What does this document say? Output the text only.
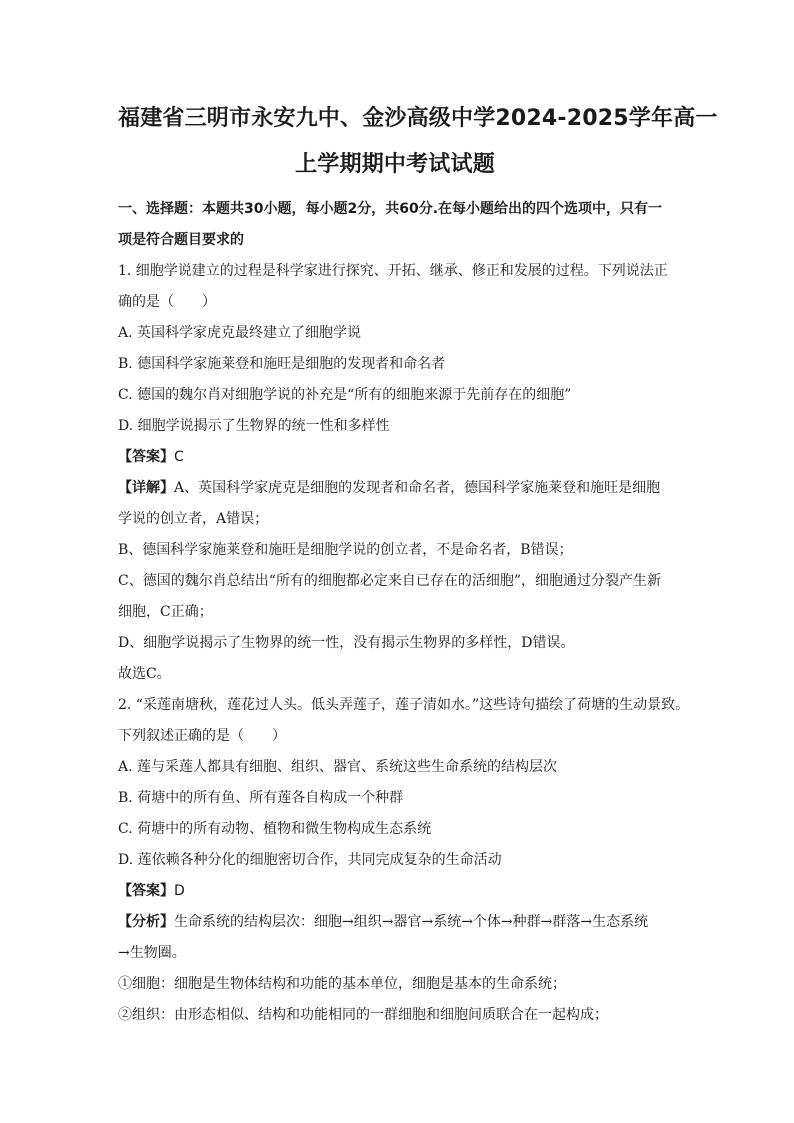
福建省三明市永安九中、金沙高级中学2024-2025学年高一
上学期期中考试试题
一、选择题：本题共30小题，每小题2分，共60分.在每小题给出的四个选项中，只有一
项是符合题目要求的
1. 细胞学说建立的过程是科学家进行探究、开拓、继承、修正和发展的过程。下列说法正
确的是（　　）
A. 英国科学家虎克最终建立了细胞学说
B. 德国科学家施莱登和施旺是细胞的发现者和命名者
C. 德国的魏尔肖对细胞学说的补充是“所有的细胞来源于先前存在的细胞”
D. 细胞学说揭示了生物界的统一性和多样性
【答案】C
【详解】A、英国科学家虎克是细胞的发现者和命名者，德国科学家施莱登和施旺是细胞
学说的创立者，A错误；
B、德国科学家施莱登和施旺是细胞学说的创立者，不是命名者，B错误；
C、德国的魏尔肖总结出“所有的细胞都必定来自已存在的活细胞”，细胞通过分裂产生新
细胞，C正确；
D、细胞学说揭示了生物界的统一性，没有揭示生物界的多样性，D错误。
故选C。
2. “采莲南塘秋，莲花过人头。低头弄莲子，莲子清如水。”这些诗句描绘了荷塘的生动景致。
下列叙述正确的是（　　）
A. 莲与采莲人都具有细胞、组织、器官、系统这些生命系统的结构层次
B. 荷塘中的所有鱼、所有莲各自构成一个种群
C. 荷塘中的所有动物、植物和微生物构成生态系统
D. 莲依赖各种分化的细胞密切合作，共同完成复杂的生命活动
【答案】D
【分析】生命系统的结构层次：细胞→组织→器官→系统→个体→种群→群落→生态系统
→生物圈。
①细胞：细胞是生物体结构和功能的基本单位，细胞是基本的生命系统；
②组织：由形态相似、结构和功能相同的一群细胞和细胞间质联合在一起构成；
